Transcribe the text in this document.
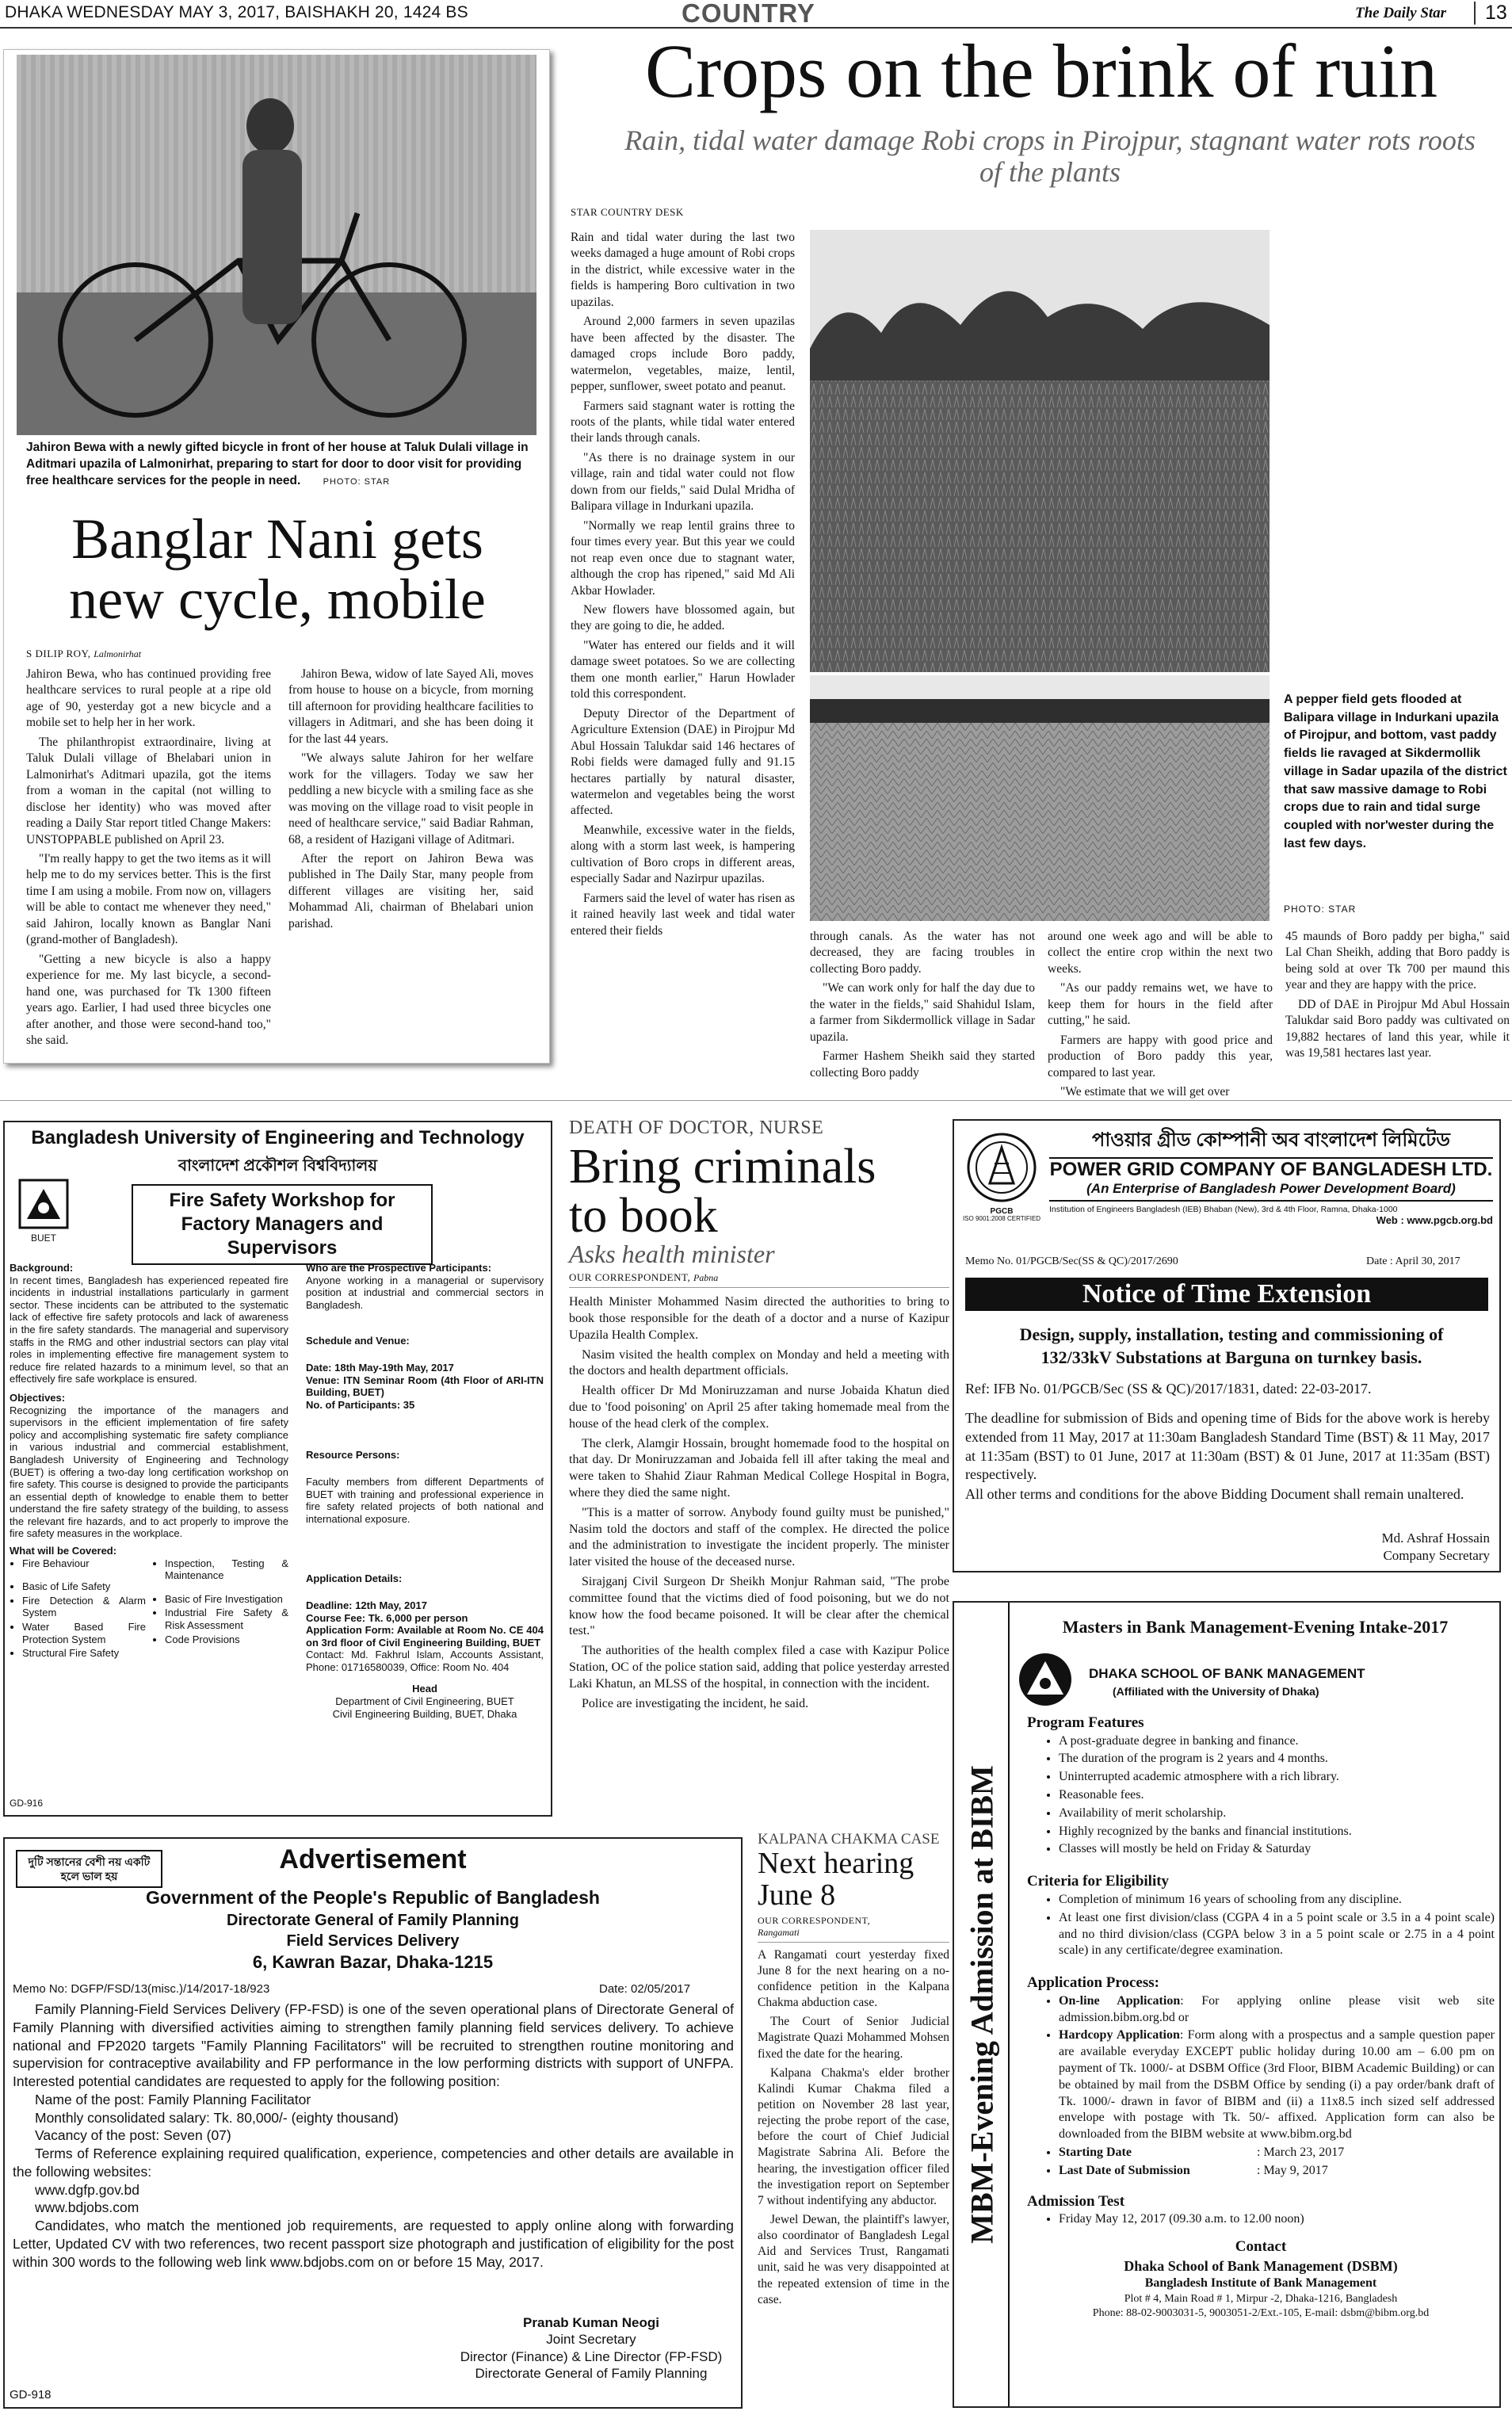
DHAKA WEDNESDAY MAY 3, 2017, BAISHAKH 20, 1424 BS	COUNTRY	The Daily Star	13
Jahiron Bewa with a newly gifted bicycle in front of her house at Taluk Dulali village in Aditmari upazila of Lalmonirhat, preparing to start for door to door visit for providing free healthcare services for the people in need.	PHOTO: STAR
Banglar Nani gets
new cycle, mobile
S DILIP ROY, Lalmonirhat

Jahiron Bewa, who has continued providing free healthcare services to rural people at a ripe old age of 90, yesterday got a new bicycle and a mobile set to help her in her work.

The philanthropist extraordinaire, living at Taluk Dulali village of Bhelabari union in Lalmonirhat's Aditmari upazila, got the items from a woman in the capital (not willing to disclose her identity) who was moved after reading a Daily Star report titled Change Makers: UNSTOPPABLE published on April 23.

"I'm really happy to get the two items as it will help me to do my services better. This is the first time I am using a mobile. From now on, villagers will be able to contact me whenever they need," said Jahiron, locally known as Banglar Nani (grand-mother of Bangladesh).

"Getting a new bicycle is also a happy experience for me. My last bicycle, a second-hand one, was purchased for Tk 1300 fifteen years ago. Earlier, I had used three bicycles one after another, and those were second-hand too," she said.

Jahiron Bewa, widow of late Sayed Ali, moves from house to house on a bicycle, from morning till afternoon for providing healthcare facilities to villagers in Aditmari, and she has been doing it for the last 44 years.

"We always salute Jahiron for her welfare work for the villagers. Today we saw her peddling a new bicycle with a smiling face as she was moving on the village road to visit people in need of healthcare service," said Badiar Rahman, 68, a resident of Hazigani village of Aditmari.

After the report on Jahiron Bewa was published in The Daily Star, many people from different villages are visiting her, said Mohammad Ali, chairman of Bhelabari union parishad.

Crops on the brink of ruin
Rain, tidal water damage Robi crops in Pirojpur, stagnant water rots roots of the plants
STAR COUNTRY DESK

Rain and tidal water during the last two weeks damaged a huge amount of Robi crops in the district, while excessive water in the fields is hampering Boro cultivation in two upazilas.

Around 2,000 farmers in seven upazilas have been affected by the disaster. The damaged crops include Boro paddy, watermelon, vegetables, maize, lentil, pepper, sunflower, sweet potato and peanut.

Farmers said stagnant water is rotting the roots of the plants, while tidal water entered their lands through canals.

"As there is no drainage system in our village, rain and tidal water could not flow down from our fields," said Dulal Mridha of Balipara village in Indurkani upazila.

"Normally we reap lentil grains three to four times every year. But this year we could not reap even once due to stagnant water, although the crop has ripened," said Md Ali Akbar Howlader.

New flowers have blossomed again, but they are going to die, he added.

"Water has entered our fields and it will damage sweet potatoes. So we are collecting them one month earlier," Harun Howlader told this correspondent.

Deputy Director of the Department of Agriculture Extension (DAE) in Pirojpur Md Abul Hossain Talukdar said 146 hectares of Robi fields were damaged fully and 91.15 hectares partially by natural disaster, watermelon and vegetables being the worst affected.

Meanwhile, excessive water in the fields, along with a storm last week, is hampering cultivation of Boro crops in different areas, especially Sadar and Nazirpur upazilas.

Farmers said the level of water has risen as it rained heavily last week and tidal water entered their fields

A pepper field gets flooded at Balipara village in Indurkani upazila of Pirojpur, and bottom, vast paddy fields lie ravaged at Sikdermollik village in Sadar upazila of the district that saw massive damage to Robi crops due to rain and tidal surge coupled with nor'wester during the last few days.
PHOTO: STAR

through canals. As the water has not decreased, they are facing troubles in collecting Boro paddy.

"We can work only for half the day due to the water in the fields," said Shahidul Islam, a farmer from Sikdermollick village in Sadar upazila.

Farmer Hashem Sheikh said they started collecting Boro paddy

around one week ago and will be able to collect the entire crop within the next two weeks.

"As our paddy remains wet, we have to keep them for hours in the field after cutting," he said.

Farmers are happy with good price and production of Boro paddy this year, compared to last year.

"We estimate that we will get over

45 maunds of Boro paddy per bigha," said Lal Chan Sheikh, adding that Boro paddy is being sold at over Tk 700 per maund this year and they are happy with the price.

DD of DAE in Pirojpur Md Abul Hossain Talukdar said Boro paddy was cultivated on 19,882 hectares of land this year, while it was 19,581 hectares last year.

Bangladesh University of Engineering and Technology
বাংলাদেশ প্রকৌশল বিশ্ববিদ্যালয়
BUET
Fire Safety Workshop for Factory Managers and Supervisors
Background:
In recent times, Bangladesh has experienced repeated fire incidents in industrial installations particularly in garment sector. These incidents can be attributed to the systematic lack of effective fire safety protocols and lack of awareness in the fire safety standards. The managerial and supervisory staffs in the RMG and other industrial sectors can play vital roles in implementing effective fire management system to reduce fire related hazards to a minimum level, so that an effectively fire safe workplace is ensured.
Objectives:
Recognizing the importance of the managers and supervisors in the efficient implementation of fire safety policy and accomplishing systematic fire safety compliance in various industrial and commercial establishment, Bangladesh University of Engineering and Technology (BUET) is offering a two-day long certification workshop on fire safety. This course is designed to provide the participants an essential depth of knowledge to enable them to better understand the fire safety strategy of the building, to assess the relevant fire hazards, and to act properly to improve the fire safety measures in the workplace.
What will be Covered:
• Fire Behaviour
• Basic of Life Safety
• Fire Detection & Alarm System
• Water Based Fire Protection System
• Structural Fire Safety
• Inspection, Testing & Maintenance
• Basic of Fire Investigation
• Industrial Fire Safety & Risk Assessment
• Code Provisions
Who are the Prospective Participants:
Anyone working in a managerial or supervisory position at industrial and commercial sectors in Bangladesh.
Schedule and Venue:
Date: 18th May-19th May, 2017
Venue: ITN Seminar Room (4th Floor of ARI-ITN Building, BUET)
No. of Participants: 35
Resource Persons:
Faculty members from different Departments of BUET with training and professional experience in fire safety related projects of both national and international exposure.
Application Details:
Deadline: 12th May, 2017
Course Fee: Tk. 6,000 per person
Application Form: Available at Room No. CE 404 on 3rd floor of Civil Engineering Building, BUET
Contact: Md. Fakhrul Islam, Accounts Assistant, Phone: 01716580039, Office: Room No. 404
Head
Department of Civil Engineering, BUET
Civil Engineering Building, BUET, Dhaka
GD-916
দুটি সন্তানের বেশী নয় একটি হলে ভাল হয়
Advertisement
Government of the People's Republic of Bangladesh
Directorate General of Family Planning
Field Services Delivery
6, Kawran Bazar, Dhaka-1215
Memo No: DGFP/FSD/13(misc.)/14/2017-18/923	Date: 02/05/2017
Family Planning-Field Services Delivery (FP-FSD) is one of the seven operational plans of Directorate General of Family Planning with diversified activities aiming to strengthen family planning field services delivery. To achieve national and FP2020 targets "Family Planning Facilitators" will be recruited to strengthen routine monitoring and supervision for contraceptive availability and FP performance in the low performing districts with support of UNFPA. Interested potential candidates are requested to apply for the following position:
Name of the post: Family Planning Facilitator
Monthly consolidated salary: Tk. 80,000/- (eighty thousand)
Vacancy of the post: Seven (07)
Terms of Reference explaining required qualification, experience, competencies and other details are available in the following websites:
www.dgfp.gov.bd
www.bdjobs.com
Candidates, who match the mentioned job requirements, are requested to apply online along with forwarding Letter, Updated CV with two references, two recent passport size photograph and justification of eligibility for the post within 300 words to the following web link www.bdjobs.com on or before 15 May, 2017.
Pranab Kuman Neogi
Joint Secretary
Director (Finance) & Line Director (FP-FSD)
Directorate General of Family Planning
GD-918
DEATH OF DOCTOR, NURSE
Bring criminals
to book
Asks health minister
OUR CORRESPONDENT, Pabna

Health Minister Mohammed Nasim directed the authorities to bring to book those responsible for the death of a doctor and a nurse of Kazipur Upazila Health Complex.

Nasim visited the health complex on Monday and held a meeting with the doctors and health department officials.

Health officer Dr Md Moniruzzaman and nurse Jobaida Khatun died due to 'food poisoning' on April 25 after taking homemade meal from the house of the head clerk of the complex.

The clerk, Alamgir Hossain, brought homemade food to the hospital on that day. Dr Moniruzzaman and Jobaida fell ill after taking the meal and were taken to Shahid Ziaur Rahman Medical College Hospital in Bogra, where they died the same night.

"This is a matter of sorrow. Anybody found guilty must be punished," Nasim told the doctors and staff of the complex. He directed the police and the administration to investigate the incident properly. The minister later visited the house of the deceased nurse.

Sirajganj Civil Surgeon Dr Sheikh Monjur Rahman said, "The probe committee found that the victims died of food poisoning, but we do not know how the food became poisoned. It will be clear after the chemical test."

The authorities of the health complex filed a case with Kazipur Police Station, OC of the police station said, adding that police yesterday arrested Laki Khatun, an MLSS of the hospital, in connection with the incident.

Police are investigating the incident, he said.

KALPANA CHAKMA CASE
Next hearing
June 8
OUR CORRESPONDENT,
Rangamati

A Rangamati court yesterday fixed June 8 for the next hearing on a no-confidence petition in the Kalpana Chakma abduction case.

The Court of Senior Judicial Magistrate Quazi Mohammed Mohsen fixed the date for the hearing.

Kalpana Chakma's elder brother Kalindi Kumar Chakma filed a petition on November 28 last year, rejecting the probe report of the case, before the court of Chief Judicial Magistrate Sabrina Ali. Before the hearing, the investigation officer filed the investigation report on September 7 without indentifying any abductor.

Jewel Dewan, the plaintiff's lawyer, also coordinator of Bangladesh Legal Aid and Services Trust, Rangamati unit, said he was very disappointed at the repeated extension of time in the case.

PGCB
ISO 9001:2008 CERTIFIED
পাওয়ার গ্রীড কোম্পানী অব বাংলাদেশ লিমিটেড
POWER GRID COMPANY OF BANGLADESH LTD.
(An Enterprise of Bangladesh Power Development Board)
Institution of Engineers Bangladesh (IEB) Bhaban (New), 3rd & 4th Floor, Ramna, Dhaka-1000
Web : www.pgcb.org.bd
Memo No. 01/PGCB/Sec(SS & QC)/2017/2690	Date : April 30, 2017
Notice of Time Extension
Design, supply, installation, testing and commissioning of 132/33kV Substations at Barguna on turnkey basis.
Ref: IFB No. 01/PGCB/Sec (SS & QC)/2017/1831, dated: 22-03-2017.
The deadline for submission of Bids and opening time of Bids for the above work is hereby extended from 11 May, 2017 at 11:30am Bangladesh Standard Time (BST) & 11 May, 2017 at 11:35am (BST) to 01 June, 2017 at 11:30am (BST) & 01 June, 2017 at 11:35am (BST) respectively.
All other terms and conditions for the above Bidding Document shall remain unaltered.
Md. Ashraf Hossain
Company Secretary
MBM-Evening Admission at BIBM
Masters in Bank Management-Evening Intake-2017
DHAKA SCHOOL OF BANK MANAGEMENT
(Affiliated with the University of Dhaka)
Program Features
• A post-graduate degree in banking and finance.
• The duration of the program is 2 years and 4 months.
• Uninterrupted academic atmosphere with a rich library.
• Reasonable fees.
• Availability of merit scholarship.
• Highly recognized by the banks and financial institutions.
• Classes will mostly be held on Friday & Saturday
Criteria for Eligibility
• Completion of minimum 16 years of schooling from any discipline.
• At least one first division/class (CGPA 4 in a 5 point scale or 3.5 in a 4 point scale) and no third division/class (CGPA below 3 in a 5 point scale or 2.75 in a 4 point scale) in any certificate/degree examination.
Application Process:
• On-line Application: For applying online please visit web site admission.bibm.org.bd or
• Hardcopy Application: Form along with a prospectus and a sample question paper are available everyday EXCEPT public holiday during 10.00 am – 6.00 pm on payment of Tk. 1000/- at DSBM Office (3rd Floor, BIBM Academic Building) or can be obtained by mail from the DSBM Office by sending (i) a pay order/bank draft of Tk. 1000/- drawn in favor of BIBM and (ii) a 11x8.5 inch sized self addressed envelope with postage with Tk. 50/- affixed. Application form can also be downloaded from the BIBM website at www.bibm.org.bd
• Starting Date	: March 23, 2017
• Last Date of Submission	: May 9, 2017
Admission Test
• Friday May 12, 2017 (09.30 a.m. to 12.00 noon)
Contact
Dhaka School of Bank Management (DSBM)
Bangladesh Institute of Bank Management
Plot # 4, Main Road # 1, Mirpur -2, Dhaka-1216, Bangladesh
Phone: 88-02-9003031-5, 9003051-2/Ext.-105, E-mail: dsbm@bibm.org.bd
